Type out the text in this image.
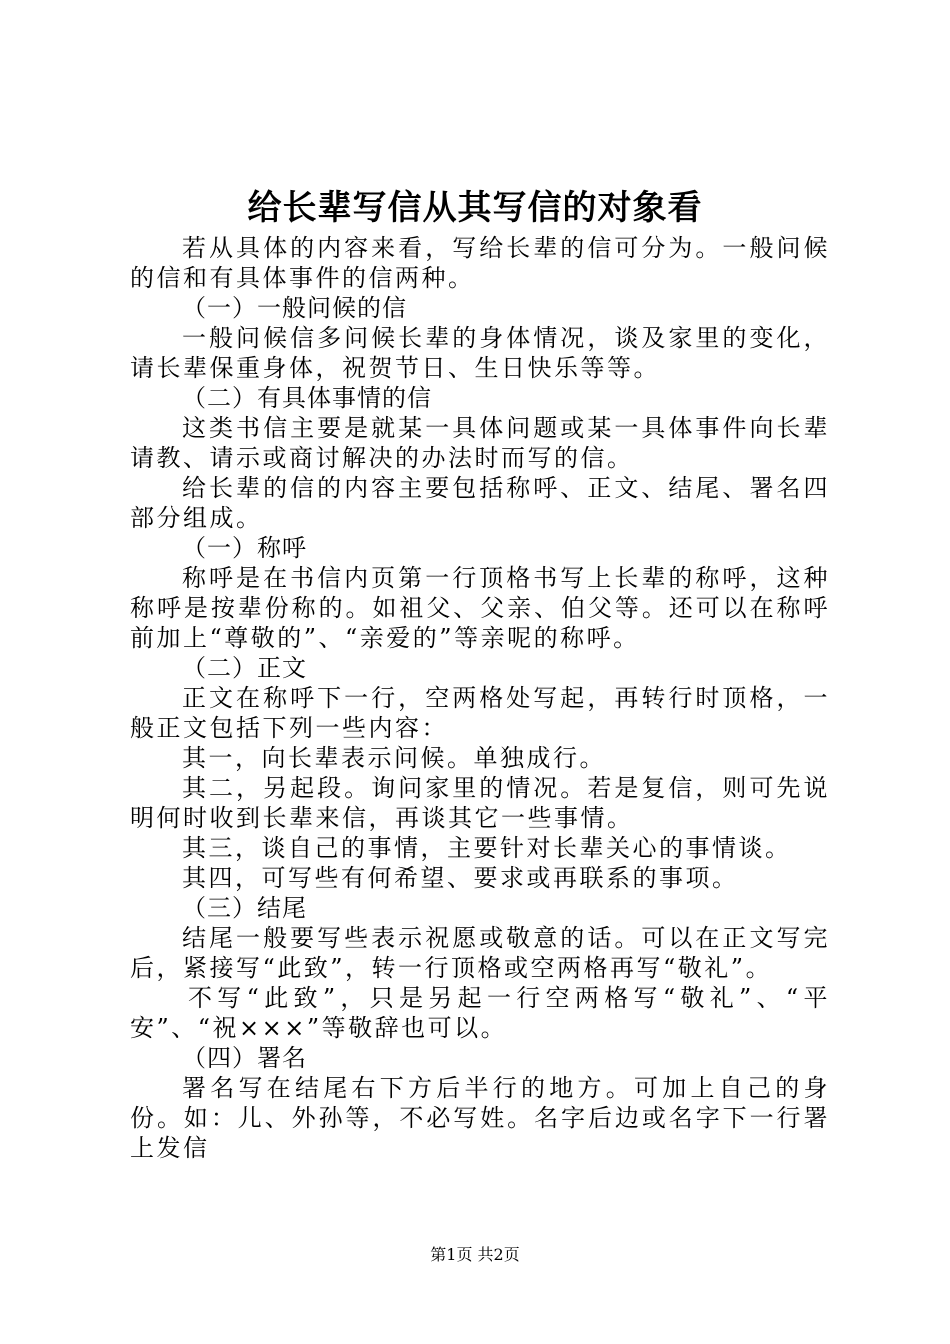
给长辈写信从其写信的对象看

若从具体的内容来看，写给长辈的信可分为。一般问候的信和有具体事件的信两种。

（一）一般问候的信

一般问候信多问候长辈的身体情况，谈及家里的变化，请长辈保重身体，祝贺节日、生日快乐等等。

（二）有具体事情的信

这类书信主要是就某一具体问题或某一具体事件向长辈请教、请示或商讨解决的办法时而写的信。

给长辈的信的内容主要包括称呼、正文、结尾、署名四部分组成。

（一）称呼

称呼是在书信内页第一行顶格书写上长辈的称呼，这种称呼是按辈份称的。如祖父、父亲、伯父等。还可以在称呼前加上“尊敬的”、“亲爱的”等亲呢的称呼。

（二）正文

正文在称呼下一行，空两格处写起，再转行时顶格，一般正文包括下列一些内容：

其一，向长辈表示问候。单独成行。

其二，另起段。询问家里的情况。若是复信，则可先说明何时收到长辈来信，再谈其它一些事情。

其三，谈自己的事情，主要针对长辈关心的事情谈。

其四，可写些有何希望、要求或再联系的事项。

（三）结尾

结尾一般要写些表示祝愿或敬意的话。可以在正文写完后，紧接写“此致”，转一行顶格或空两格再写“敬礼”。

不写“此致”，只是另起一行空两格写“敬礼”、“平安”、“祝×××”等敬辞也可以。

（四）署名

署名写在结尾右下方后半行的地方。可加上自己的身份。如：儿、外孙等，不必写姓。名字后边或名字下一行署上发信

第1页 共2页
